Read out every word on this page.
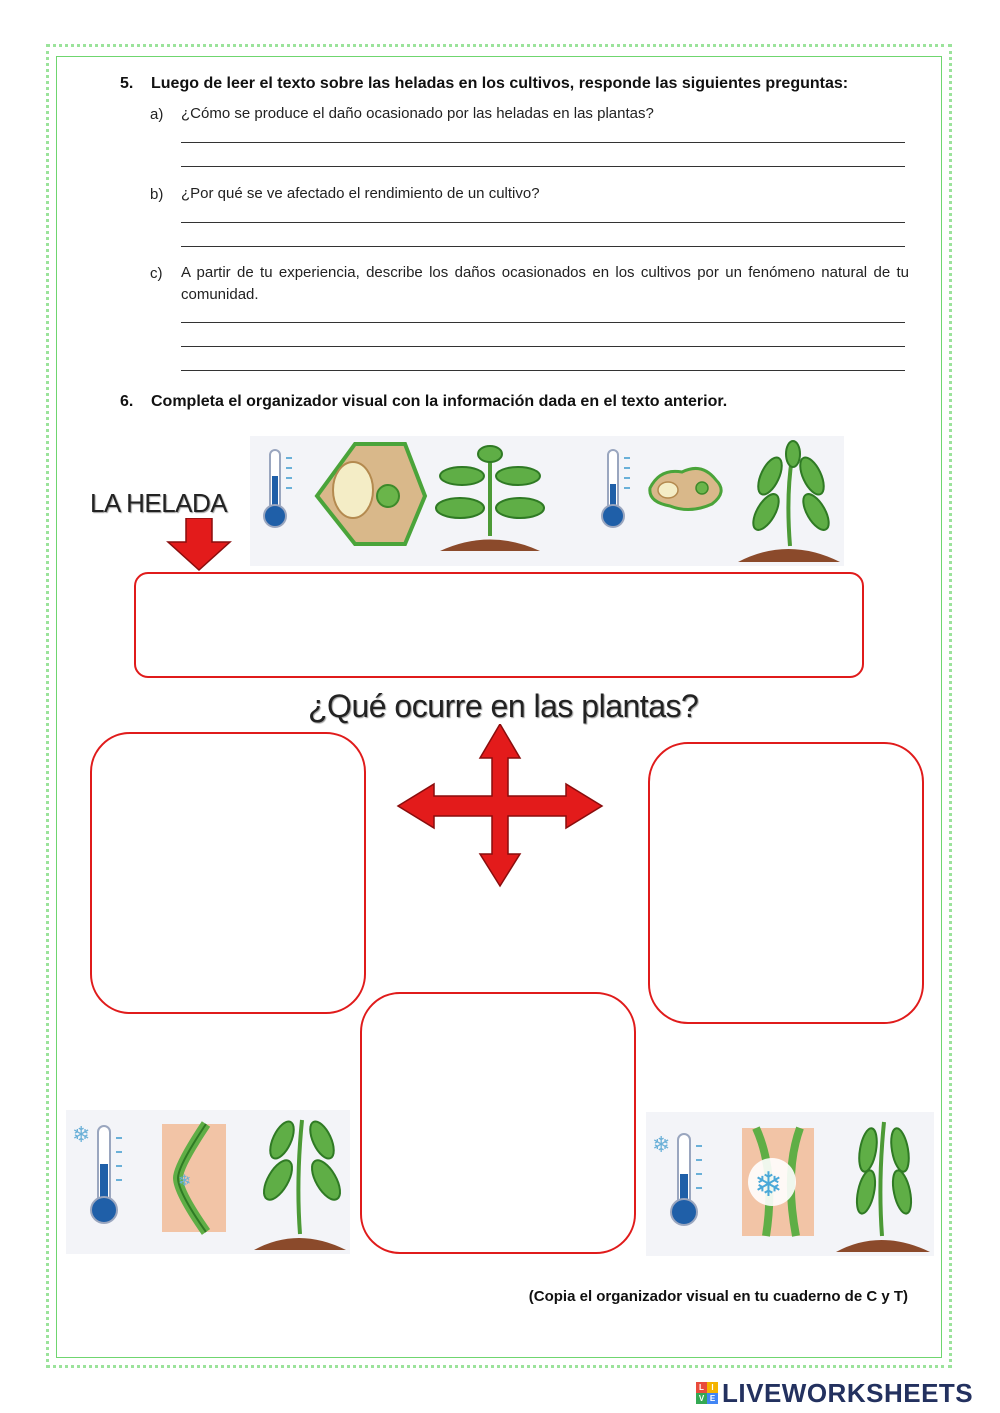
5. Luego de leer el texto sobre las heladas en los cultivos, responde las siguientes preguntas:
a) ¿Cómo se produce el daño ocasionado por las heladas en las plantas?
b) ¿Por qué se ve afectado el rendimiento de un cultivo?
c) A partir de tu experiencia, describe los daños ocasionados en los cultivos por un fenómeno natural de tu comunidad.
6. Completa el organizador visual con la información dada en el texto anterior.
LA HELADA
¿Qué ocurre en las plantas?
❄
❄
❄
❄
(Copia el organizador visual en tu cuaderno de C y T)
L I
V E LIVEWORKSHEETS
